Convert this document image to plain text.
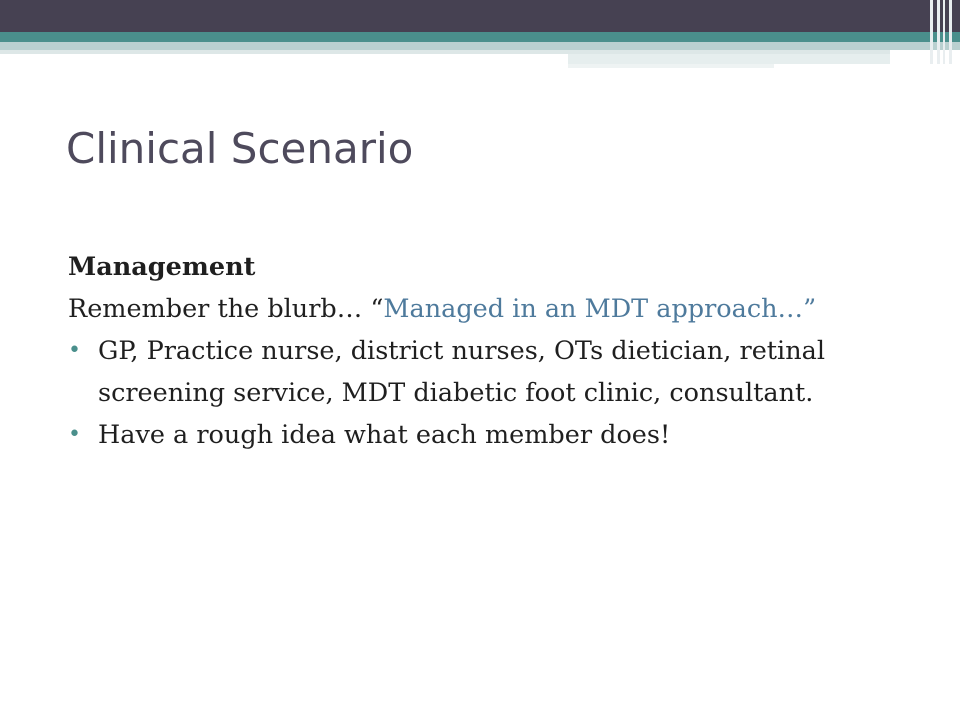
Clinical Scenario

Management

Remember the blurb… “Managed in an MDT approach…”

• GP, Practice nurse, district nurses, OTs dietician, retinal screening service, MDT diabetic foot clinic, consultant.

• Have a rough idea what each member does!
